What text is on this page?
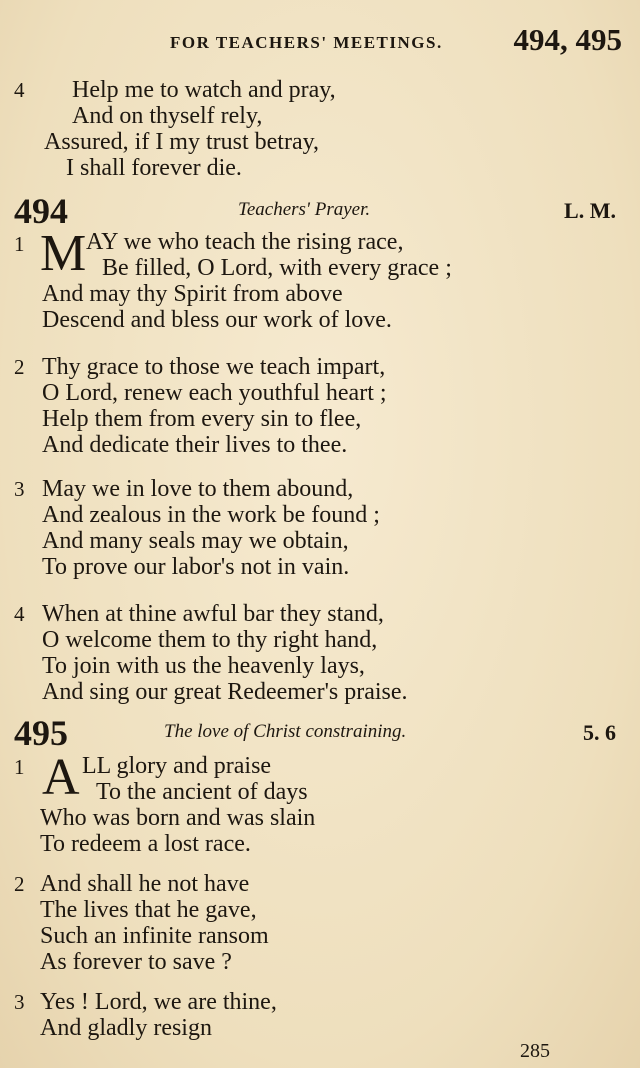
FOR TEACHERS' MEETINGS. 494, 495
4 Help me to watch and pray,
And on thyself rely,
Assured, if I my trust betray,
I shall forever die.
494	Teachers' Prayer.	L. M.
1 M AY we who teach the rising race,
Be filled, O Lord, with every grace ;
And may thy Spirit from above
Descend and bless our work of love.
2 Thy grace to those we teach impart,
O Lord, renew each youthful heart ;
Help them from every sin to flee,
And dedicate their lives to thee.
3 May we in love to them abound,
And zealous in the work be found ;
And many seals may we obtain,
To prove our labor's not in vain.
4 When at thine awful bar they stand,
O welcome them to thy right hand,
To join with us the heavenly lays,
And sing our great Redeemer's praise.
495	The love of Christ constraining.	5. 6
1 A LL glory and praise
To the ancient of days
Who was born and was slain
To redeem a lost race.
2 And shall he not have
The lives that he gave,
Such an infinite ransom
As forever to save ?
3 Yes ! Lord, we are thine,
And gladly resign
285
